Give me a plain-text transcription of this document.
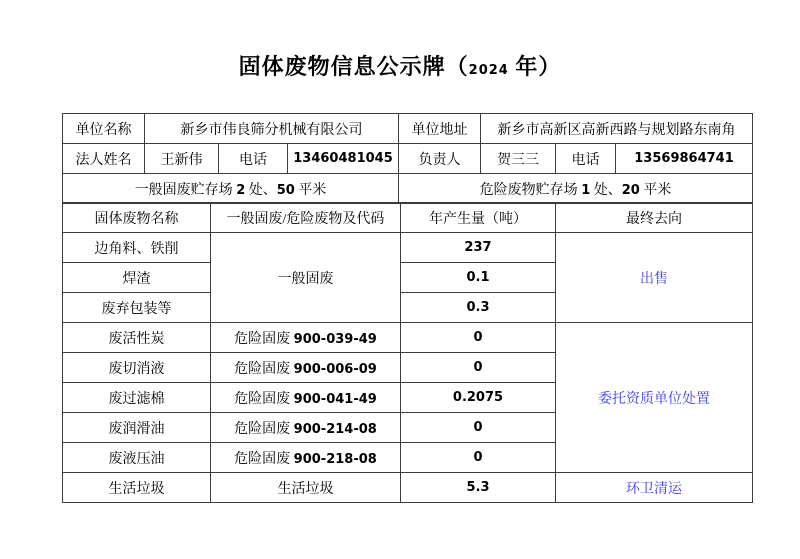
固体废物信息公示牌（2024 年）
单位名称	新乡市伟良筛分机械有限公司			单位地址	新乡市高新区高新西路与规划路东南角		
法人姓名	王新伟	电话	13460481045	负责人	贺三三	电话	13569864741
一般固废贮存场 2 处、50 平米				危险废物贮存场 1 处、20 平米			
固体废物名称	一般固废/危险废物及代码	年产生量（吨）	最终去向
边角料、铁削	一般固废	237	出售
焊渣		0.1	
废弃包装等		0.3	
废活性炭	危险固废 900-039-49	0	委托资质单位处置
废切消液	危险固废 900-006-09	0	
废过滤棉	危险固废 900-041-49	0.2075	
废润滑油	危险固废 900-214-08	0	
废液压油	危险固废 900-218-08	0	
生活垃圾	生活垃圾	5.3	环卫清运
